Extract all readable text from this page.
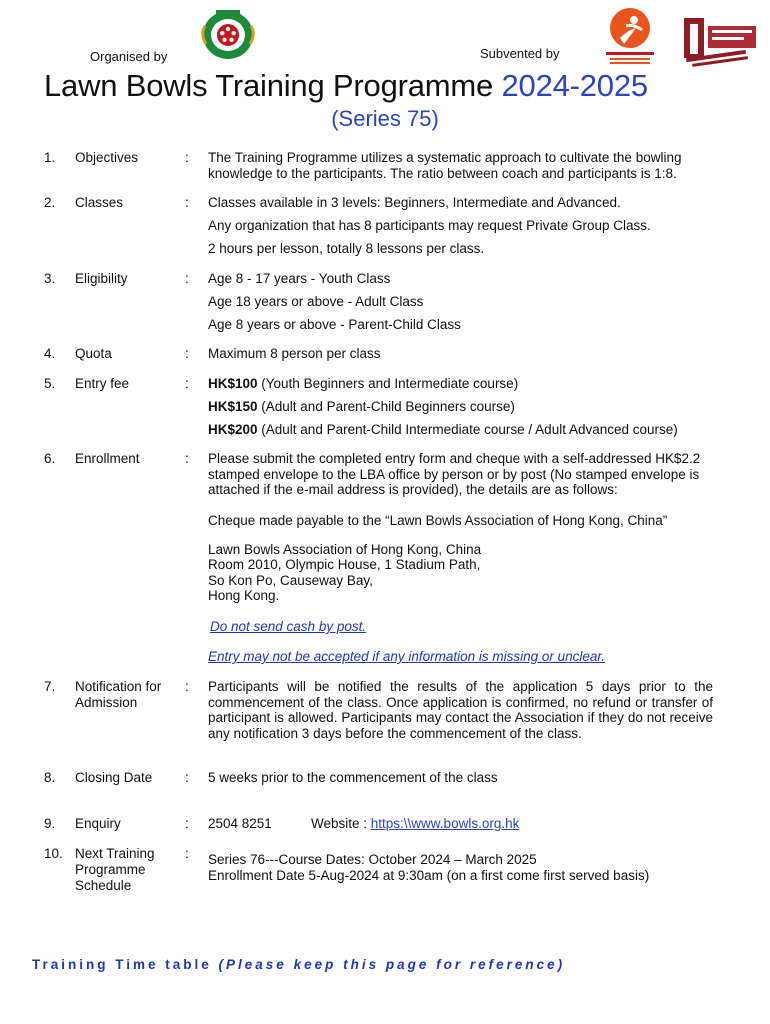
Organised by	Subvented by
Lawn Bowls Training Programme 2024-2025
(Series 75)
1. Objectives	: The Training Programme utilizes a systematic approach to cultivate the bowling knowledge to the participants. The ratio between coach and participants is 1:8.
2. Classes	: Classes available in 3 levels: Beginners, Intermediate and Advanced.
Any organization that has 8 participants may request Private Group Class.
2 hours per lesson, totally 8 lessons per class.
3. Eligibility	: Age 8 - 17 years - Youth Class
Age 18 years or above - Adult Class
Age 8 years or above - Parent-Child Class
4. Quota	: Maximum 8 person per class
5. Entry fee	: HK$100 (Youth Beginners and Intermediate course)
HK$150 (Adult and Parent-Child Beginners course)
HK$200 (Adult and Parent-Child Intermediate course / Adult Advanced course)
6. Enrollment	: Please submit the completed entry form and cheque with a self-addressed HK$2.2 stamped envelope to the LBA office by person or by post (No stamped envelope is attached if the e-mail address is provided), the details are as follows:
Cheque made payable to the “Lawn Bowls Association of Hong Kong, China”
Lawn Bowls Association of Hong Kong, China
Room 2010, Olympic House, 1 Stadium Path,
So Kon Po, Causeway Bay,
Hong Kong.
Do not send cash by post.
Entry may not be accepted if any information is missing or unclear.
7. Notification for Admission
: Participants will be notified the results of the application 5 days prior to the commencement of the class. Once application is confirmed, no refund or transfer of participant is allowed. Participants may contact the Association if they do not receive any notification 3 days before the commencement of the class.
8. Closing Date : 5 weeks prior to the commencement of the class
9. Enquiry	: 2504 8251	Website : https:\\www.bowls.org.hk
10. Next Training Programme Schedule
: Series 76---Course Dates: October 2024 – March 2025
Enrollment Date 5-Aug-2024 at 9:30am (on a first come first served basis)
Training Time table (Please keep this page for reference)
